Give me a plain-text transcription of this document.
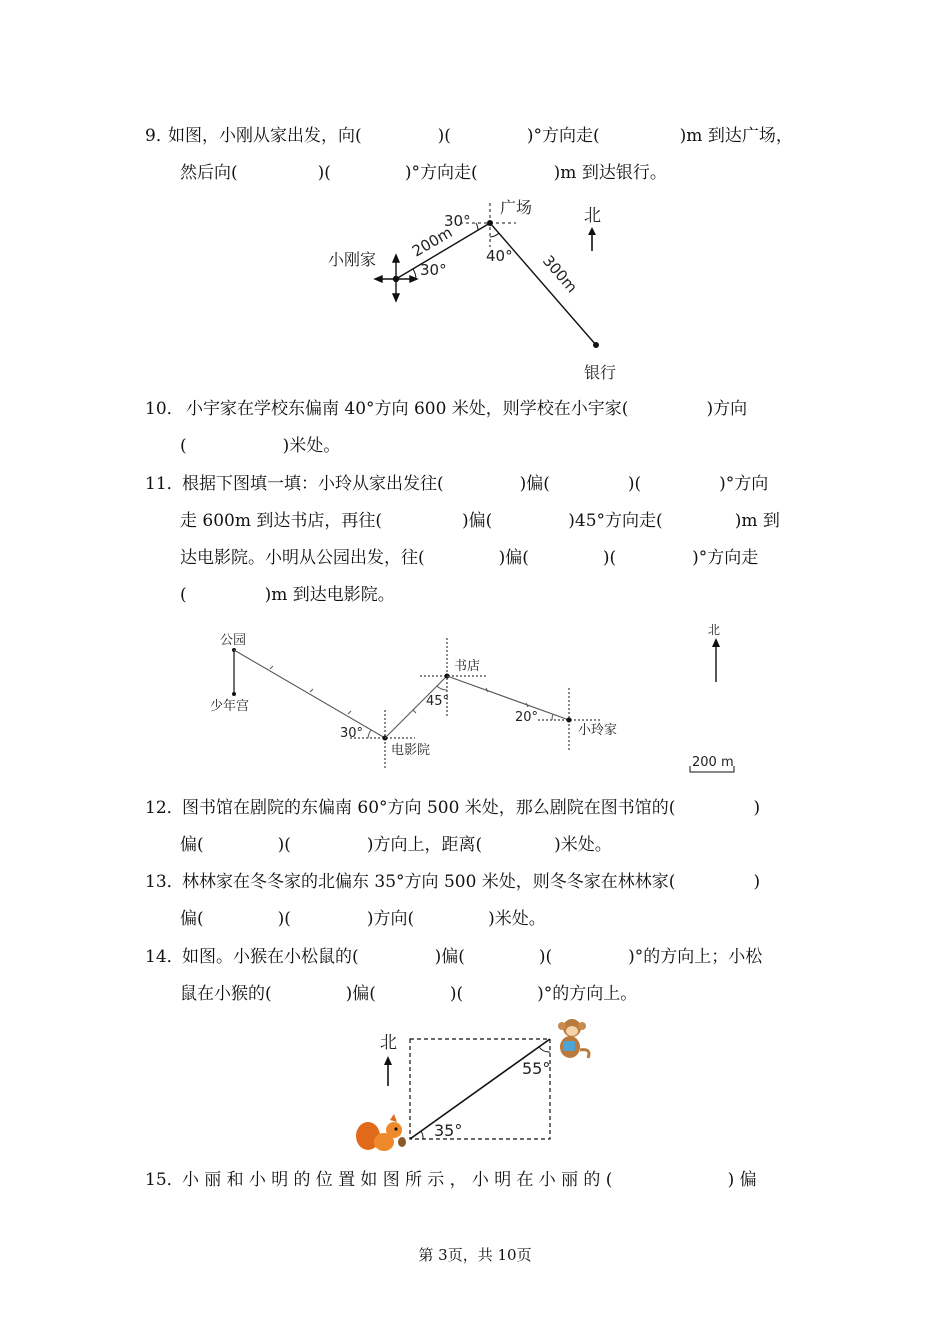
9．
如图，小刚从家出发，向(	)(	)°方向走(	)m 到达广场，
然后向(	)(	)°方向走(	)m 到达银行。
小刚家
广场
银行
30°
30°
40°
200m
300m
北
10． 小宇家在学校东偏南 40°方向 600 米处，则学校在小宇家(	)方向
(	)米处。
11．
根据下图填一填：小玲从家出发往(	)偏(	)(	)°方向
走 600m 到达书店，再往(	)偏(	)45°方向走(	)m 到
达电影院。小明从公园出发，往(	)偏(	)(	)°方向走
(	)m 到达电影院。
公园
少年宫
电影院
书店
小玲家
30°
45°
20°
北
200 m
12．
图书馆在剧院的东偏南 60°方向 500 米处，那么剧院在图书馆的(	)
偏(	)(	)方向上，距离(	)米处。
13．
林林家在冬冬家的北偏东 35°方向 500 米处，则冬冬家在林林家(	)
偏(	)(	)方向(	)米处。
14．
如图。小猴在小松鼠的(	)偏(	)(	)°的方向上；小松
鼠在小猴的(	)偏(	)(	)°的方向上。
北
55°
35°
15．
小丽和小明的位置如图所示，小明在小丽的(	)偏
第 3页，共 10页
